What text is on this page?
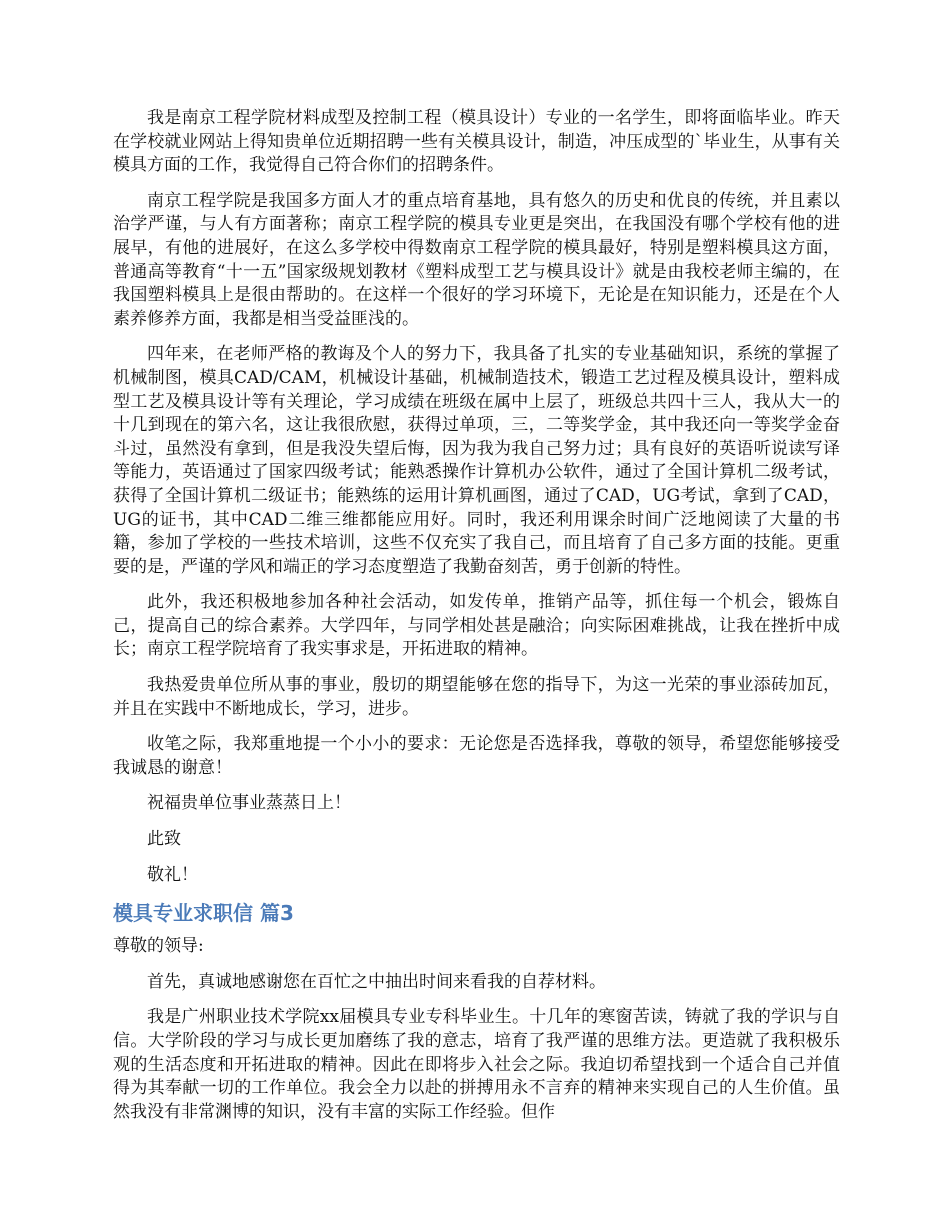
我是南京工程学院材料成型及控制工程（模具设计）专业的一名学生，即将面临毕业。昨天在学校就业网站上得知贵单位近期招聘一些有关模具设计，制造，冲压成型的`毕业生，从事有关模具方面的工作，我觉得自己符合你们的招聘条件。

南京工程学院是我国多方面人才的重点培育基地，具有悠久的历史和优良的传统，并且素以治学严谨，与人有方面著称；南京工程学院的模具专业更是突出，在我国没有哪个学校有他的进展早，有他的进展好，在这么多学校中得数南京工程学院的模具最好，特别是塑料模具这方面，普通高等教育“十一五”国家级规划教材《塑料成型工艺与模具设计》就是由我校老师主编的，在我国塑料模具上是很由帮助的。在这样一个很好的学习环境下，无论是在知识能力，还是在个人素养修养方面，我都是相当受益匪浅的。

四年来，在老师严格的教诲及个人的努力下，我具备了扎实的专业基础知识，系统的掌握了机械制图，模具CAD/CAM，机械设计基础，机械制造技术，锻造工艺过程及模具设计，塑料成型工艺及模具设计等有关理论，学习成绩在班级在属中上层了，班级总共四十三人，我从大一的十几到现在的第六名，这让我很欣慰，获得过单项，三，二等奖学金，其中我还向一等奖学金奋斗过，虽然没有拿到，但是我没失望后悔，因为我为我自己努力过；具有良好的英语听说读写译等能力，英语通过了国家四级考试；能熟悉操作计算机办公软件，通过了全国计算机二级考试，获得了全国计算机二级证书；能熟练的运用计算机画图，通过了CAD，UG考试，拿到了CAD，UG的证书，其中CAD二维三维都能应用好。同时，我还利用课余时间广泛地阅读了大量的书籍，参加了学校的一些技术培训，这些不仅充实了我自己，而且培育了自己多方面的技能。更重要的是，严谨的学风和端正的学习态度塑造了我勤奋刻苦，勇于创新的特性。

此外，我还积极地参加各种社会活动，如发传单，推销产品等，抓住每一个机会，锻炼自己，提高自己的综合素养。大学四年，与同学相处甚是融洽；向实际困难挑战，让我在挫折中成长；南京工程学院培育了我实事求是，开拓进取的精神。

我热爱贵单位所从事的事业，殷切的期望能够在您的指导下，为这一光荣的事业添砖加瓦，并且在实践中不断地成长，学习，进步。

收笔之际，我郑重地提一个小小的要求：无论您是否选择我，尊敬的领导，希望您能够接受我诚恳的谢意！

祝福贵单位事业蒸蒸日上！

此致

敬礼！

模具专业求职信 篇3

尊敬的领导:

首先，真诚地感谢您在百忙之中抽出时间来看我的自荐材料。

我是广州职业技术学院xx届模具专业专科毕业生。十几年的寒窗苦读，铸就了我的学识与自信。大学阶段的学习与成长更加磨练了我的意志，培育了我严谨的思维方法。更造就了我积极乐观的生活态度和开拓进取的精神。因此在即将步入社会之际。我迫切希望找到一个适合自己并值得为其奉献一切的工作单位。我会全力以赴的拼搏用永不言弃的精神来实现自己的人生价值。虽然我没有非常渊博的知识，没有丰富的实际工作经验。但作
